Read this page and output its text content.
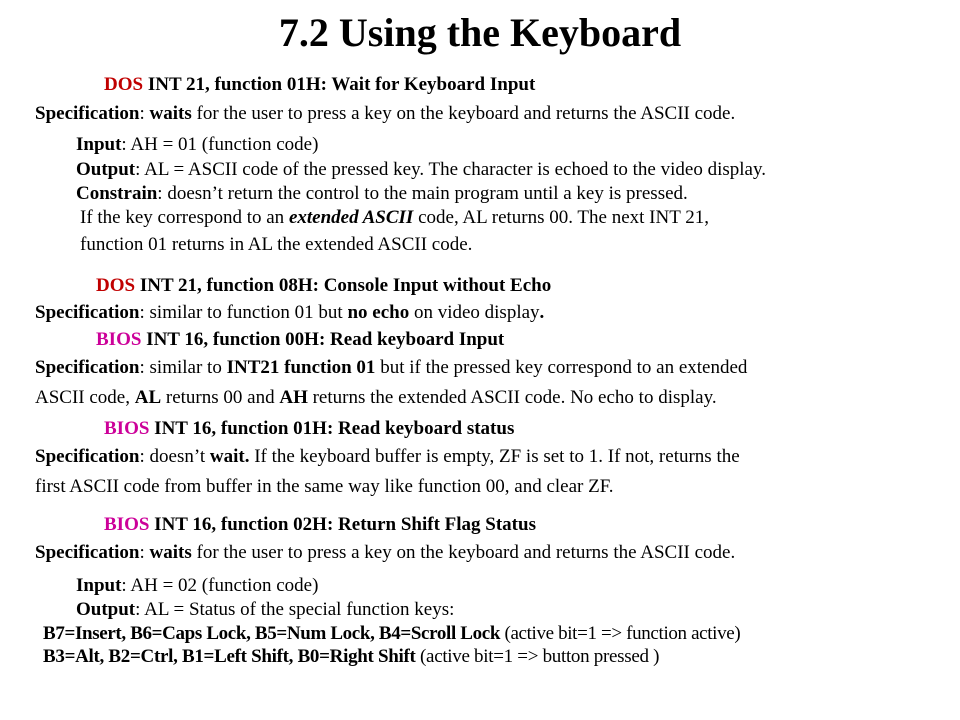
7.2 Using the Keyboard
DOS INT 21, function 01H: Wait for Keyboard Input
Specification: waits for the user to press a key on the keyboard and returns the ASCII code.
Input: AH = 01 (function code)
Output: AL = ASCII code of the pressed key. The character is echoed to the video display.
Constrain: doesn’t return the control to the main program until a key is pressed.
If the key correspond to an extended ASCII code, AL returns 00. The next INT 21,
function 01 returns in AL the extended ASCII code.
DOS INT 21, function 08H: Console Input without Echo
Specification: similar to function 01 but no echo on video display.
BIOS INT 16, function 00H: Read keyboard Input
Specification: similar to INT21 function 01 but if the pressed key correspond to an extended
ASCII code, AL returns 00 and AH returns the extended ASCII code. No echo to display.
BIOS INT 16, function 01H: Read keyboard status
Specification: doesn’t wait. If the keyboard buffer is empty, ZF is set to 1. If not, returns the
first ASCII code from buffer in the same way like function 00, and clear ZF.
BIOS INT 16, function 02H: Return Shift Flag Status
Specification: waits for the user to press a key on the keyboard and returns the ASCII code.
Input: AH = 02 (function code)
Output: AL = Status of the special function keys:
B7=Insert, B6=Caps Lock, B5=Num Lock, B4=Scroll Lock (active bit=1 => function active)
B3=Alt, B2=Ctrl, B1=Left Shift, B0=Right Shift (active bit=1 => button pressed )
